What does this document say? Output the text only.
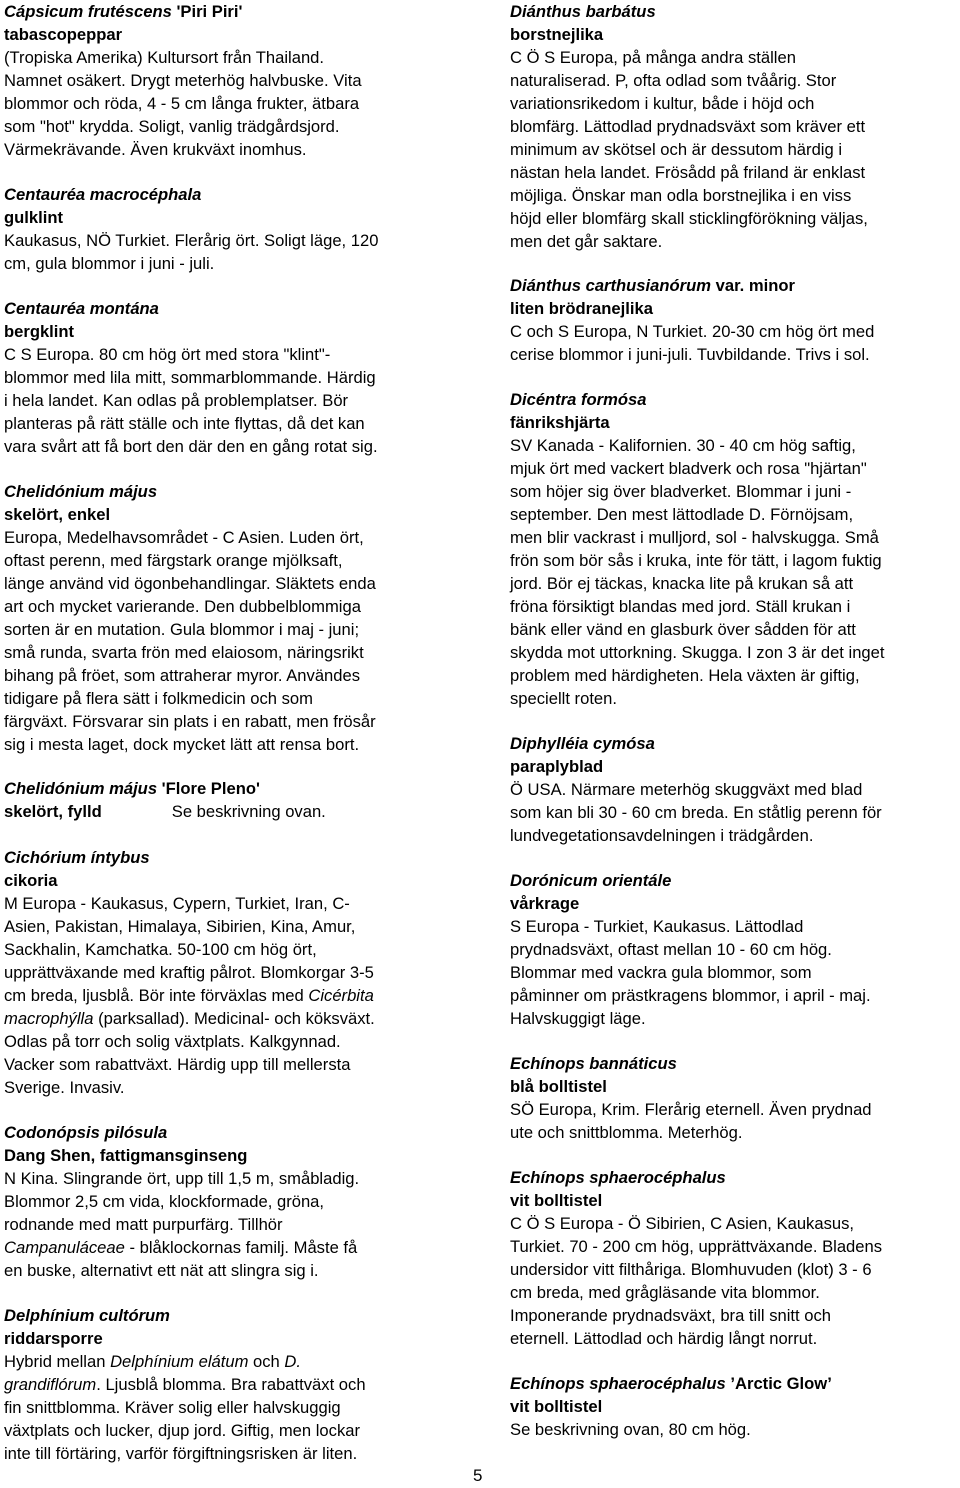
Cápsicum frutéscens 'Piri Piri'
tabascopeppar
(Tropiska Amerika) Kultursort från Thailand.
Namnet osäkert. Drygt meterhög halvbuske. Vita
blommor och röda, 4 - 5 cm långa frukter, ätbara
som "hot" krydda. Soligt, vanlig trädgårdsjord.
Värmekrävande. Även krukväxt inomhus.
Centauréa macrocéphala
gulklint
Kaukasus, NÖ Turkiet. Flerårig ört. Soligt läge, 120
cm, gula blommor i juni - juli.
Centauréa montána
bergklint
C S Europa. 80 cm hög ört med stora "klint"-
blommor med lila mitt, sommarblommande. Härdig
i hela landet. Kan odlas på problemplatser. Bör
planteras på rätt ställe och inte flyttas, då det kan
vara svårt att få bort den där den en gång rotat sig.
Chelidónium május
skelört, enkel
Europa, Medelhavsområdet - C Asien. Luden ört,
oftast perenn, med färgstark orange mjölksaft,
länge använd vid ögonbehandlingar. Släktets enda
art och mycket varierande. Den dubbelblommiga
sorten är en mutation. Gula blommor i maj - juni;
små runda, svarta frön med elaiosom, näringsrikt
bihang på fröet, som attraherar myror. Användes
tidigare på flera sätt i folkmedicin och som
färgväxt. Försvarar sin plats i en rabatt, men frösår
sig i mesta laget, dock mycket lätt att rensa bort.
Chelidónium május 'Flore Pleno'
skelört, fylld	Se beskrivning ovan.
Cichórium íntybus
cikoria
M Europa - Kaukasus, Cypern, Turkiet, Iran, C-
Asien, Pakistan, Himalaya, Sibirien, Kina, Amur,
Sackhalin, Kamchatka. 50-100 cm hög ört,
upprättväxande med kraftig pålrot. Blomkorgar 3-5
cm breda, ljusblå. Bör inte förväxlas med Cicérbita
macrophýlla (parksallad). Medicinal- och köksväxt.
Odlas på torr och solig växtplats. Kalkgynnad.
Vacker som rabattväxt. Härdig upp till mellersta
Sverige. Invasiv.
Codonópsis pilósula
Dang Shen, fattigmansginseng
N Kina. Slingrande ört, upp till 1,5 m, småbladig.
Blommor 2,5 cm vida, klockformade, gröna,
rodnande med matt purpurfärg. Tillhör
Campanuláceae - blåklockornas familj. Måste få
en buske, alternativt ett nät att slingra sig i.
Delphínium cultórum
riddarsporre
Hybrid mellan Delphínium elátum och D.
grandiflórum. Ljusblå blomma. Bra rabattväxt och
fin snittblomma. Kräver solig eller halvskuggig
växtplats och lucker, djup jord. Giftig, men lockar
inte till förtäring, varför förgiftningsrisken är liten.
Diánthus barbátus
borstnejlika
C Ö S Europa, på många andra ställen
naturaliserad. P, ofta odlad som tvåårig. Stor
variationsrikedom i kultur, både i höjd och
blomfärg. Lättodlad prydnadsväxt som kräver ett
minimum av skötsel och är dessutom härdig i
nästan hela landet. Frösådd på friland är enklast
möjliga. Önskar man odla borstnejlika i en viss
höjd eller blomfärg skall sticklingförökning väljas,
men det går saktare.
Diánthus carthusianórum var. minor
liten brödranejlika
C och S Europa, N Turkiet. 20-30 cm hög ört med
cerise blommor i juni-juli. Tuvbildande. Trivs i sol.
Dicéntra formósa
fänrikshjärta
SV Kanada - Kalifornien. 30 - 40 cm hög saftig,
mjuk ört med vackert bladverk och rosa "hjärtan"
som höjer sig över bladverket. Blommar i juni -
september. Den mest lättodlade D. Förnöjsam,
men blir vackrast i mulljord, sol - halvskugga. Små
frön som bör sås i kruka, inte för tätt, i lagom fuktig
jord. Bör ej täckas, knacka lite på krukan så att
fröna försiktigt blandas med jord. Ställ krukan i
bänk eller vänd en glasburk över sådden för att
skydda mot uttorkning. Skugga. I zon 3 är det inget
problem med härdigheten. Hela växten är giftig,
speciellt roten.
Diphylléia cymósa
paraplyblad
Ö USA. Närmare meterhög skuggväxt med blad
som kan bli 30 - 60 cm breda. En ståtlig perenn för
lundvegetationsavdelningen i trädgården.
Dorónicum orientále
vårkrage
S Europa - Turkiet, Kaukasus. Lättodlad
prydnadsväxt, oftast mellan 10 - 60 cm hög.
Blommar med vackra gula blommor, som
påminner om prästkragens blommor, i april - maj.
Halvskuggigt läge.
Echínops bannáticus
blå bolltistel
SÖ Europa, Krim. Flerårig eternell. Även prydnad
ute och snittblomma. Meterhög.
Echínops sphaerocéphalus
vit bolltistel
C Ö S Europa - Ö Sibirien, C Asien, Kaukasus,
Turkiet. 70 - 200 cm hög, upprättväxande. Bladens
undersidor vitt filthåriga. Blomhuvuden (klot) 3 - 6
cm breda, med grågläsande vita blommor.
Imponerande prydnadsväxt, bra till snitt och
eternell. Lättodlad och härdig långt norrut.
Echínops sphaerocéphalus ’Arctic Glow’
vit bolltistel
Se beskrivning ovan, 80 cm hög.
5
